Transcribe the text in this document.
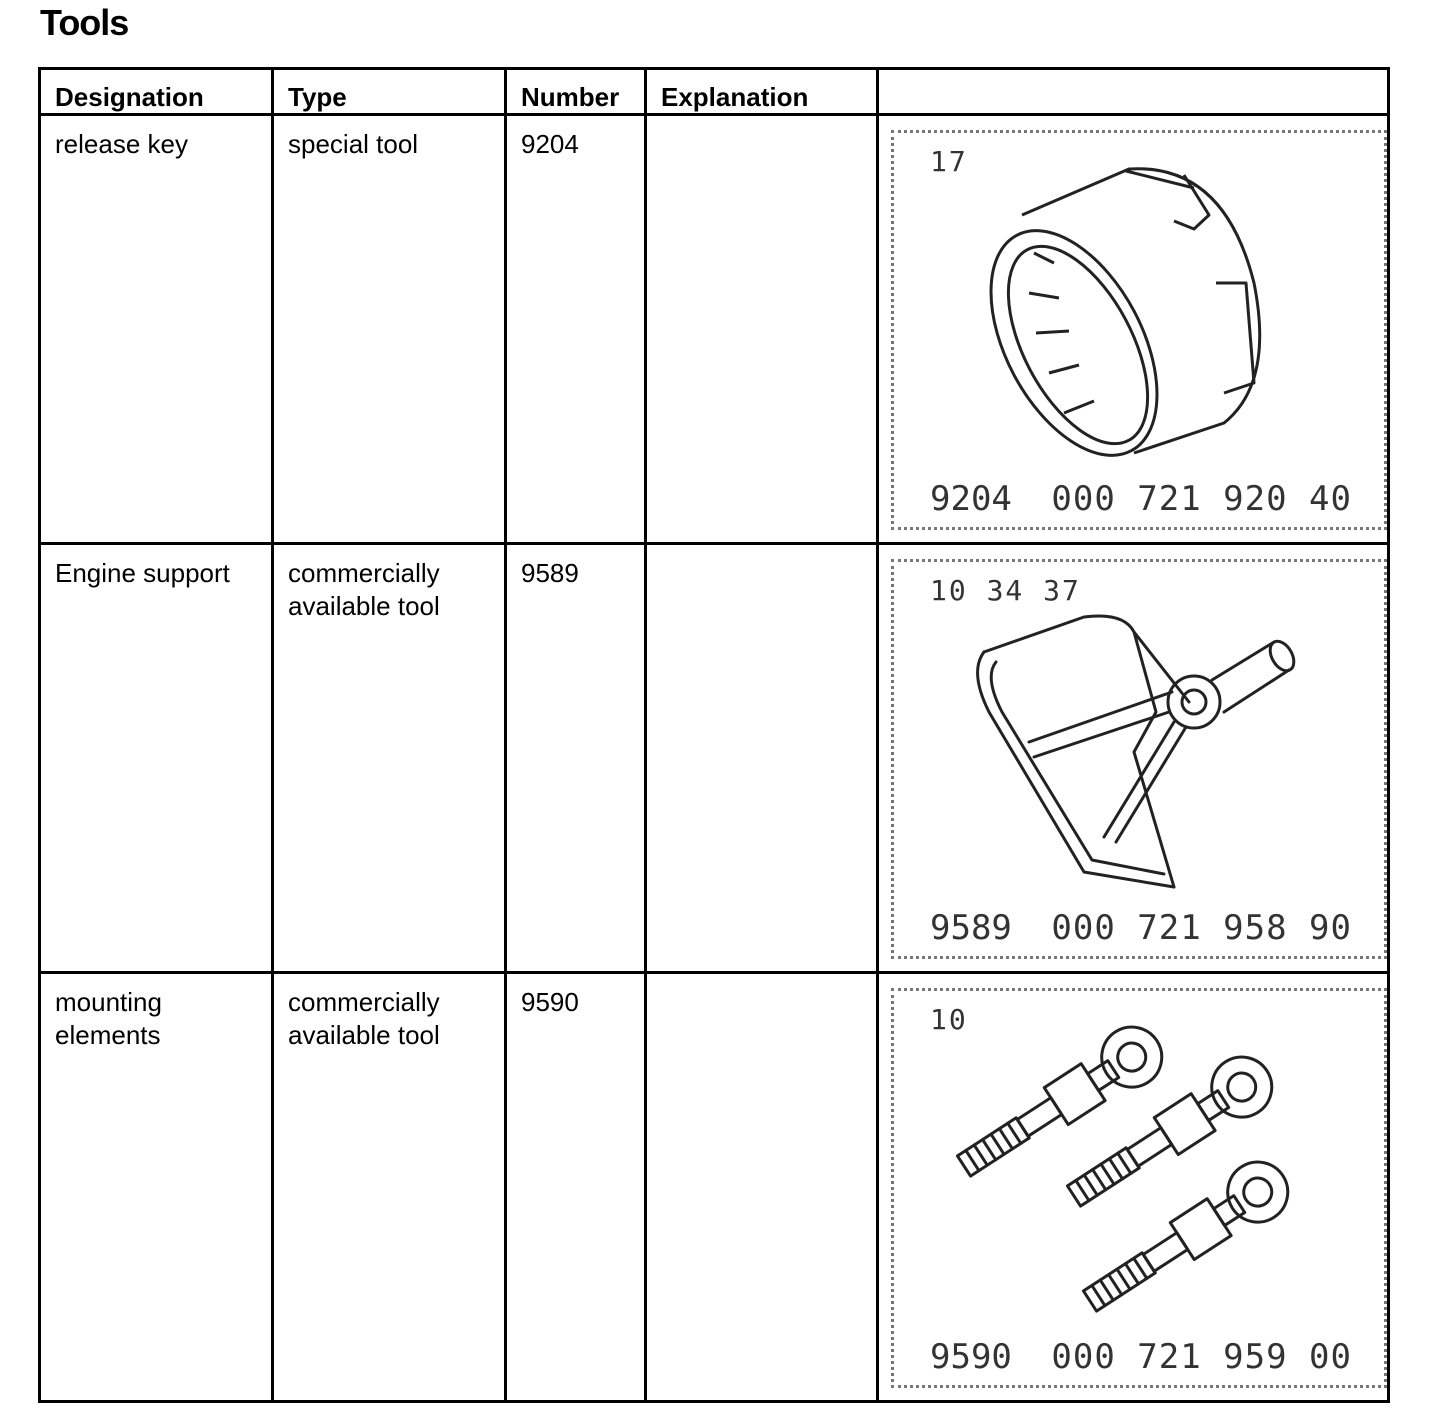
Tools
Designation	Type	Number	Explanation	
release key	special tool	9204		17
9204 000 721 920 40

Engine support	commercially available tool	9589		10 34 37
9589 000 721 958 90

mounting elements	commercially available tool	9590		10
9590 000 721 959 00
